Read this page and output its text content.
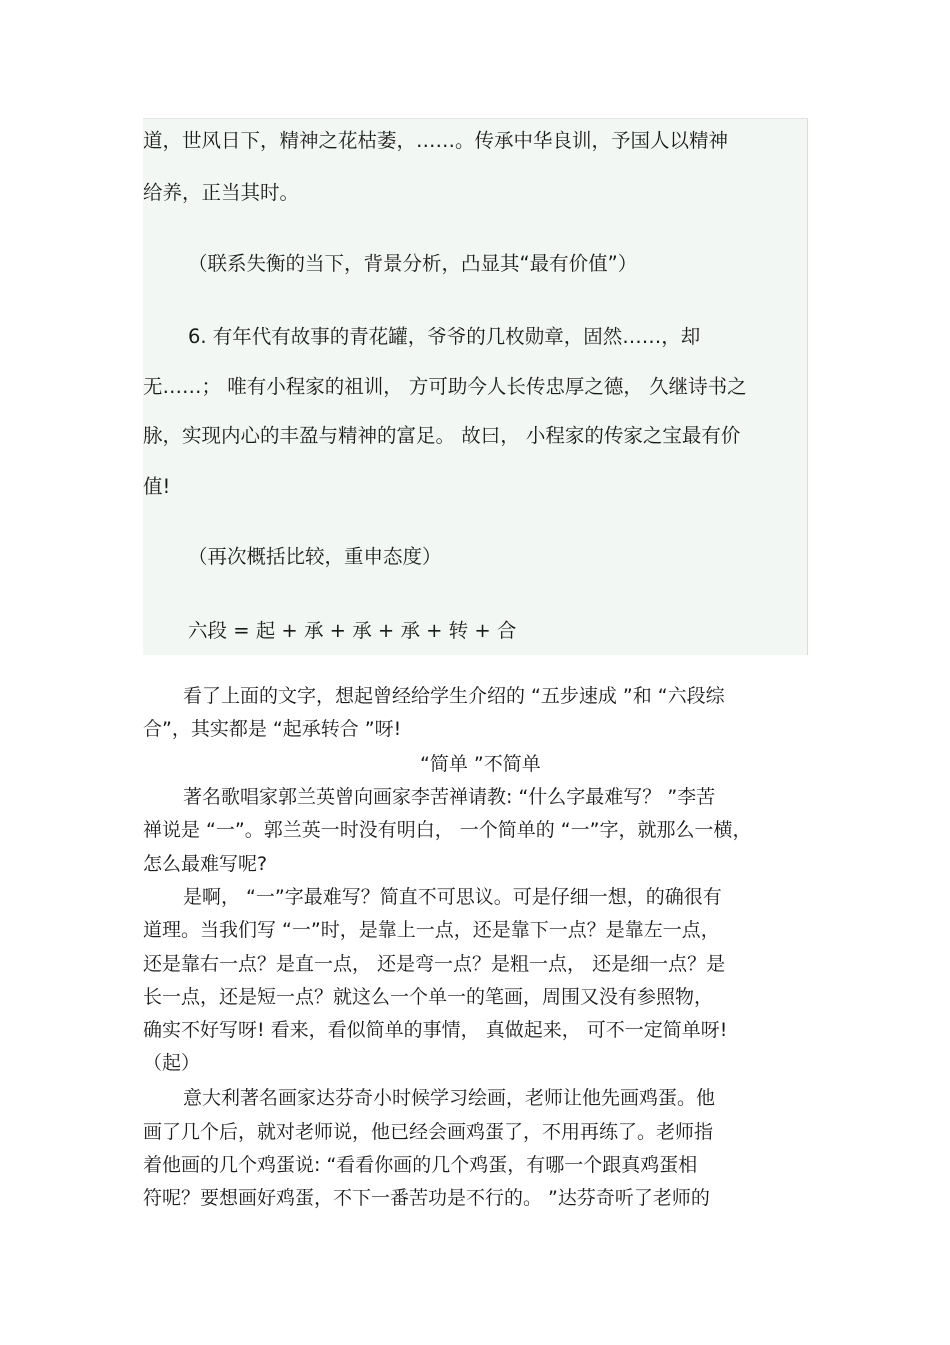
道，世风日下，精神之花枯萎，……。传承中华良训，予国人以精神
给养，正当其时。
（联系失衡的当下，背景分析，凸显其“最有价值”）
6. 有年代有故事的青花罐，爷爷的几枚勋章，固然……，却
无……； 唯有小程家的祖训， 方可助今人长传忠厚之德， 久继诗书之
脉，实现内心的丰盈与精神的富足。 故曰， 小程家的传家之宝最有价
值!
（再次概括比较，重申态度）
六段 = 起 + 承 + 承 + 承 + 转 + 合
看了上面的文字，想起曾经给学生介绍的 “五步速成 ”和 “六段综
合”，其实都是 “起承转合 ”呀!
“简单 ”不简单
著名歌唱家郭兰英曾向画家李苦禅请教: “什么字最难写？ ”李苦
禅说是 “一”。郭兰英一时没有明白， 一个简单的 “一”字，就那么一横，
怎么最难写呢?
是啊， “一”字最难写？简直不可思议。可是仔细一想，的确很有
道理。当我们写 “一”时，是靠上一点，还是靠下一点？是靠左一点，
还是靠右一点？是直一点， 还是弯一点？是粗一点， 还是细一点？是
长一点，还是短一点？就这么一个单一的笔画，周围又没有参照物，
确实不好写呀! 看来，看似简单的事情， 真做起来， 可不一定简单呀!
（起）
意大利著名画家达芬奇小时候学习绘画，老师让他先画鸡蛋。他
画了几个后，就对老师说，他已经会画鸡蛋了，不用再练了。老师指
着他画的几个鸡蛋说: “看看你画的几个鸡蛋，有哪一个跟真鸡蛋相
符呢？要想画好鸡蛋，不下一番苦功是不行的。 ”达芬奇听了老师的
